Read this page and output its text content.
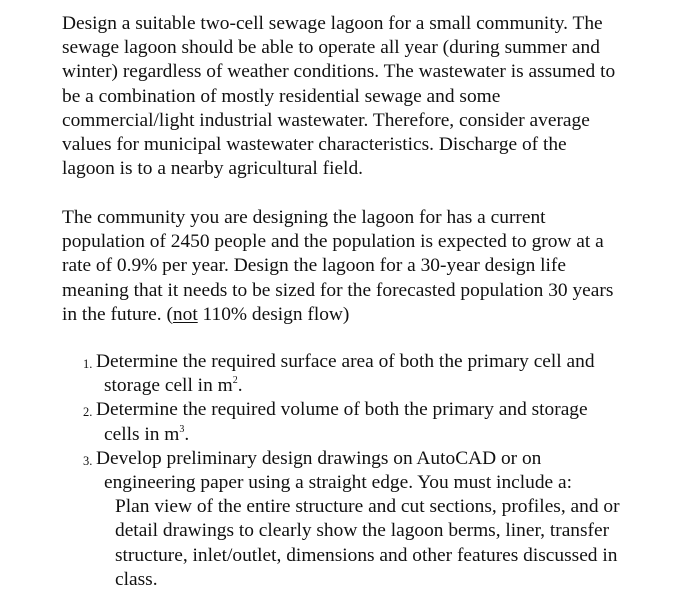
Design a suitable two-cell sewage lagoon for a small community. The
sewage lagoon should be able to operate all year (during summer and
winter) regardless of weather conditions. The wastewater is assumed to
be a combination of mostly residential sewage and some
commercial/light industrial wastewater. Therefore, consider average
values for municipal wastewater characteristics. Discharge of the
lagoon is to a nearby agricultural field.
The community you are designing the lagoon for has a current
population of 2450 people and the population is expected to grow at a
rate of 0.9% per year. Design the lagoon for a 30-year design life
meaning that it needs to be sized for the forecasted population 30 years
in the future. (not 110% design flow)
1. Determine the required surface area of both the primary cell and
storage cell in $m^2$.
2. Determine the required volume of both the primary and storage
cells in $m^3$.
3. Develop preliminary design drawings on AutoCAD or on
engineering paper using a straight edge. You must include a:
Plan view of the entire structure and cut sections, profiles, and or
detail drawings to clearly show the lagoon berms, liner, transfer
structure, inlet/outlet, dimensions and other features discussed in
class.
